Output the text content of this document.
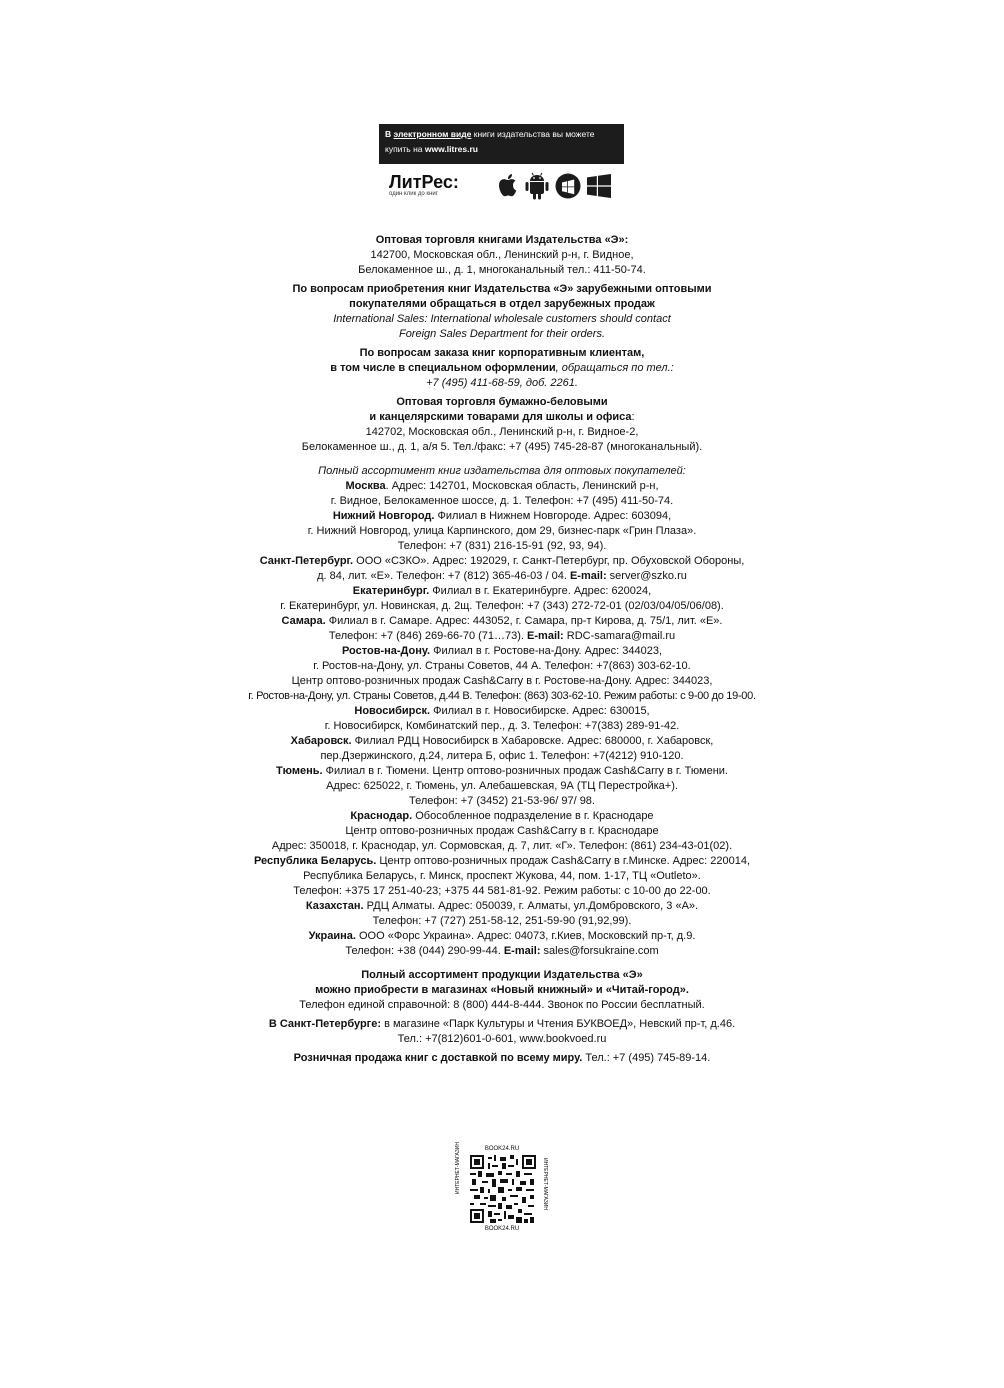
В электронном виде книги издательства вы можете
купить на www.litres.ru
ЛитРес:
один клик до книг

Оптовая торговля книгами Издательства «Э»:

142700, Московская обл., Ленинский р-н, г. Видное,

Белокаменное ш., д. 1, многоканальный тел.: 411-50-74.

По вопросам приобретения книг Издательства «Э» зарубежными оптовыми

покупателями обращаться в отдел зарубежных продаж

International Sales: International wholesale customers should contact

Foreign Sales Department for their orders.

По вопросам заказа книг корпоративным клиентам,

в том числе в специальном оформлении, обращаться по тел.:

+7 (495) 411-68-59, доб. 2261.

Оптовая торговля бумажно-беловыми

и канцелярскими товарами для школы и офиса:

142702, Московская обл., Ленинский р-н, г. Видное-2,

Белокаменное ш., д. 1, а/я 5. Тел./факс: +7 (495) 745-28-87 (многоканальный).

Полный ассортимент книг издательства для оптовых покупателей:

Москва. Адрес: 142701, Московская область, Ленинский р-н,

г. Видное, Белокаменное шоссе, д. 1. Телефон: +7 (495) 411-50-74.

Нижний Новгород. Филиал в Нижнем Новгороде. Адрес: 603094,

г. Нижний Новгород, улица Карпинского, дом 29, бизнес-парк «Грин Плаза».

Телефон: +7 (831) 216-15-91 (92, 93, 94).

Санкт-Петербург. ООО «СЗКО». Адрес: 192029, г. Санкт-Петербург, пр. Обуховской Обороны,

д. 84, лит. «Е». Телефон: +7 (812) 365-46-03 / 04. E-mail: server@szko.ru

Екатеринбург. Филиал в г. Екатеринбурге. Адрес: 620024,

г. Екатеринбург, ул. Новинская, д. 2щ. Телефон: +7 (343) 272-72-01 (02/03/04/05/06/08).

Самара. Филиал в г. Самаре. Адрес: 443052, г. Самара, пр-т Кирова, д. 75/1, лит. «Е».

Телефон: +7 (846) 269-66-70 (71…73). E-mail: RDC-samara@mail.ru

Ростов-на-Дону. Филиал в г. Ростове-на-Дону. Адрес: 344023,

г. Ростов-на-Дону, ул. Страны Советов, 44 А. Телефон: +7(863) 303-62-10.

Центр оптово-розничных продаж Cash&Carry в г. Ростове-на-Дону. Адрес: 344023,

г. Ростов-на-Дону, ул. Страны Советов, д.44 В. Телефон: (863) 303-62-10. Режим работы: с 9-00 до 19-00.

Новосибирск. Филиал в г. Новосибирске. Адрес: 630015,

г. Новосибирск, Комбинатский пер., д. 3. Телефон: +7(383) 289-91-42.

Хабаровск. Филиал РДЦ Новосибирск в Хабаровске. Адрес: 680000, г. Хабаровск,

пер.Дзержинского, д.24, литера Б, офис 1. Телефон: +7(4212) 910-120.

Тюмень. Филиал в г. Тюмени. Центр оптово-розничных продаж Cash&Carry в г. Тюмени.

Адрес: 625022, г. Тюмень, ул. Алебашевская, 9А (ТЦ Перестройка+).

Телефон: +7 (3452) 21-53-96/ 97/ 98.

Краснодар. Обособленное подразделение в г. Краснодаре

Центр оптово-розничных продаж Cash&Carry в г. Краснодаре

Адрес: 350018, г. Краснодар, ул. Сормовская, д. 7, лит. «Г». Телефон: (861) 234-43-01(02).

Республика Беларусь. Центр оптово-розничных продаж Cash&Carry в г.Минске. Адрес: 220014,

Республика Беларусь, г. Минск, проспект Жукова, 44, пом. 1-17, ТЦ «Outleto».

Телефон: +375 17 251-40-23; +375 44 581-81-92. Режим работы: с 10-00 до 22-00.

Казахстан. РДЦ Алматы. Адрес: 050039, г. Алматы, ул.Домбровского, 3 «А».

Телефон: +7 (727) 251-58-12, 251-59-90 (91,92,99).

Украина. ООО «Форс Украина». Адрес: 04073, г.Киев, Московский пр-т, д.9.

Телефон: +38 (044) 290-99-44. E-mail: sales@forsukraine.com

Полный ассортимент продукции Издательства «Э»

можно приобрести в магазинах «Новый книжный» и «Читай-город».

Телефон единой справочной: 8 (800) 444-8-444. Звонок по России бесплатный.

В Санкт-Петербурге: в магазине «Парк Культуры и Чтения БУКВОЕД», Невский пр-т, д.46.

Тел.: +7(812)601-0-601, www.bookvoed.ru

Розничная продажа книг с доставкой по всему миру. Тел.: +7 (495) 745-89-14.

BOOK24.RU
ИНТЕРНЕТ-МАГАЗИН	ИНТЕРНЕТ-МАГАЗИН
BOOK24.RU
